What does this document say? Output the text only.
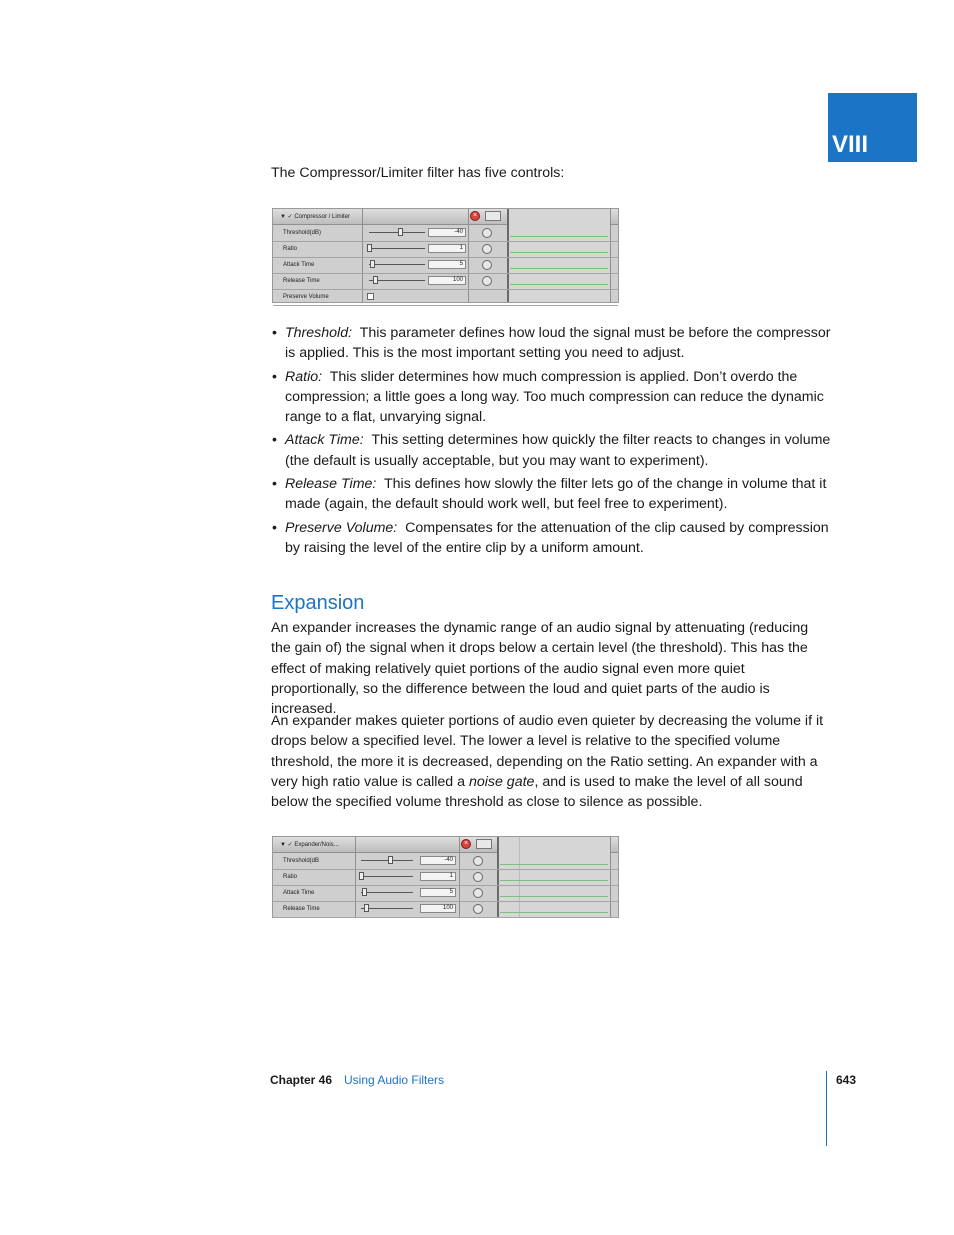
VIII

The Compressor/Limiter filter has five controls:

▼ ✓ Compressor / Limiter	×
Threshold(dB)	-40
Ratio	1
Attack Time	5
Release Time	100
Preserve Volume
• Threshold: This parameter defines how loud the signal must be before the compressor is applied. This is the most important setting you need to adjust.
• Ratio: This slider determines how much compression is applied. Don’t overdo the compression; a little goes a long way. Too much compression can reduce the dynamic range to a flat, unvarying signal.
• Attack Time: This setting determines how quickly the filter reacts to changes in volume (the default is usually acceptable, but you may want to experiment).
• Release Time: This defines how slowly the filter lets go of the change in volume that it made (again, the default should work well, but feel free to experiment).
• Preserve Volume: Compensates for the attenuation of the clip caused by compression by raising the level of the entire clip by a uniform amount.
Expansion

An expander increases the dynamic range of an audio signal by attenuating (reducing the gain of) the signal when it drops below a certain level (the threshold). This has the effect of making relatively quiet portions of the audio signal even more quiet proportionally, so the difference between the loud and quiet parts of the audio is increased.

An expander makes quieter portions of audio even quieter by decreasing the volume if it drops below a specified level. The lower a level is relative to the specified volume threshold, the more it is decreased, depending on the Ratio setting. An expander with a very high ratio value is called a noise gate, and is used to make the level of all sound below the specified volume threshold as close to silence as possible.

▼ ✓ Expander/Nois...	×
Threshold(dB	-40
Ratio	1
Attack Time	5
Release Time	100
Chapter 46 Using Audio Filters	643
